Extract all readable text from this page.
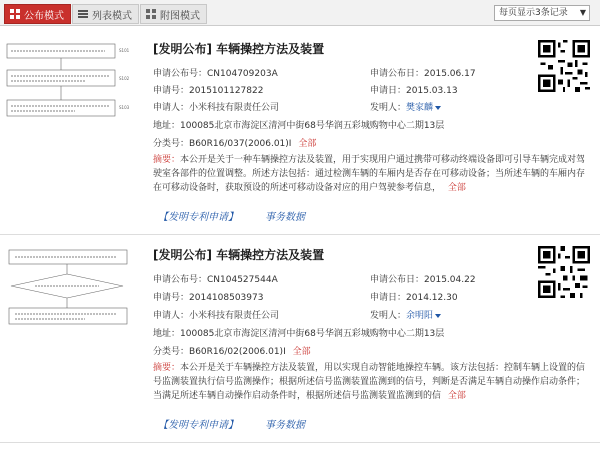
公布模式	列表模式	附图模式	每页显示3条记录 ▼
S101
S102
S103
[发明公布] 车辆操控方法及装置
申请公布号：CN104709203A	申请公布日：2015.06.17
申请号：2015101127822	申请日：2015.03.13
申请人：小米科技有限责任公司	发明人：樊家麟
地址：100085北京市海淀区清河中街68号华润五彩城购物中心二期13层
分类号：B60R16/037(2006.01)I 全部
摘要：本公开是关于一种车辆操控方法及装置，用于实现用户通过携带可移动终端设备即可引导车辆完成对驾驶室各部件的位置调整。所述方法包括：通过检测车辆的车厢内是否存在可移动设备；当所述车辆的车厢内存在可移动设备时，获取预设的所述可移动设备对应的用户驾驶参考信息， 全部
【发明专利申请】	事务数据
[发明公布] 车辆操控方法及装置
申请公布号：CN104527544A	申请公布日：2015.04.22
申请号：2014108503973	申请日：2014.12.30
申请人：小米科技有限责任公司	发明人：余明阳
地址：100085北京市海淀区清河中街68号华润五彩城购物中心二期13层
分类号：B60R16/02(2006.01)I 全部
摘要：本公开是关于车辆操控方法及装置，用以实现自动智能地操控车辆。该方法包括：控制车辆上设置的信号监测装置执行信号监测操作；根据所述信号监测装置监测到的信号，判断是否满足车辆自动操作启动条件；当满足所述车辆自动操作启动条件时，根据所述信号监测装置监测到的信 全部
【发明专利申请】	事务数据
